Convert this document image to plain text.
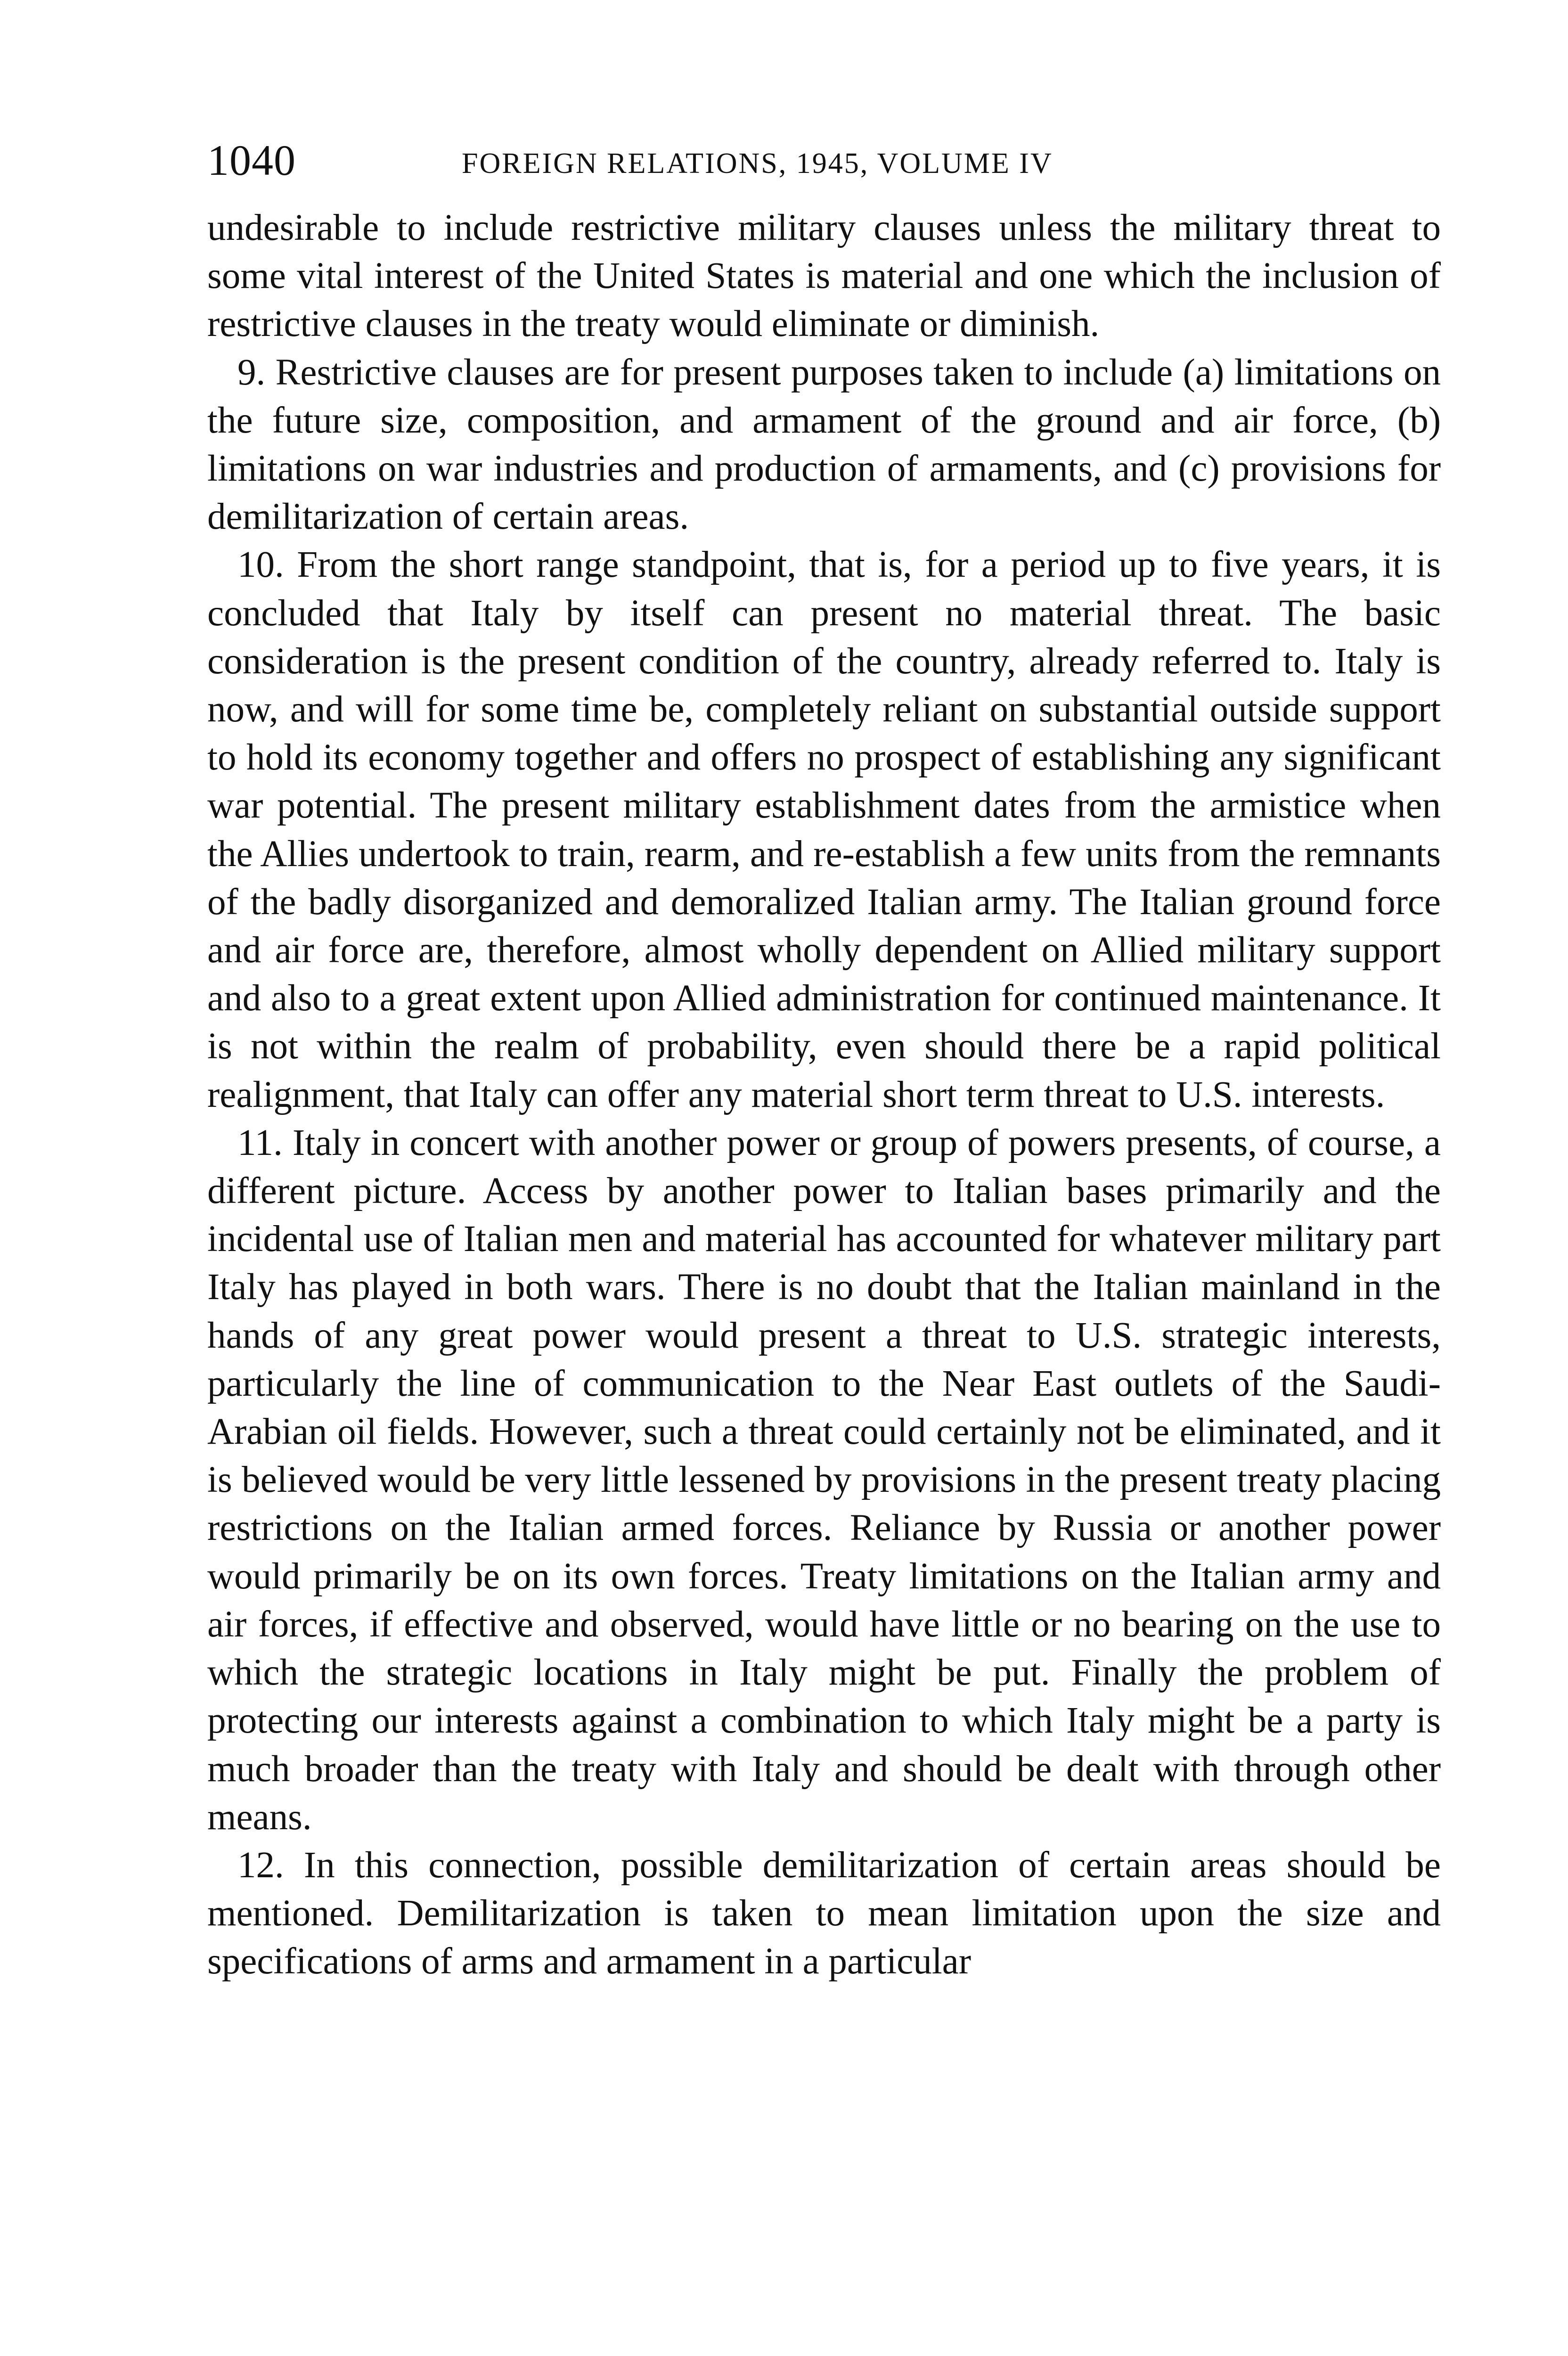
1040	FOREIGN RELATIONS, 1945, VOLUME IV

undesirable to include restrictive military clauses unless the military threat to some vital interest of the United States is material and one which the inclusion of restrictive clauses in the treaty would eliminate or diminish.

9. Restrictive clauses are for present purposes taken to include (a) limitations on the future size, composition, and armament of the ground and air force, (b) limitations on war industries and production of armaments, and (c) provisions for demilitarization of certain areas.

10. From the short range standpoint, that is, for a period up to five years, it is concluded that Italy by itself can present no material threat. The basic consideration is the present condition of the country, already referred to. Italy is now, and will for some time be, completely reliant on substantial outside support to hold its economy together and offers no prospect of establishing any significant war potential. The present military establishment dates from the armistice when the Allies undertook to train, rearm, and re-establish a few units from the remnants of the badly disorganized and demoralized Italian army. The Italian ground force and air force are, therefore, almost wholly dependent on Allied military support and also to a great extent upon Allied administration for continued maintenance. It is not within the realm of probability, even should there be a rapid political realignment, that Italy can offer any material short term threat to U.S. interests.

11. Italy in concert with another power or group of powers presents, of course, a different picture. Access by another power to Italian bases primarily and the incidental use of Italian men and material has accounted for whatever military part Italy has played in both wars. There is no doubt that the Italian mainland in the hands of any great power would present a threat to U.S. strategic interests, particularly the line of communication to the Near East outlets of the Saudi-Arabian oil fields. However, such a threat could certainly not be eliminated, and it is believed would be very little lessened by provisions in the present treaty placing restrictions on the Italian armed forces. Reliance by Russia or another power would primarily be on its own forces. Treaty limitations on the Italian army and air forces, if effective and observed, would have little or no bearing on the use to which the strategic locations in Italy might be put. Finally the problem of protecting our interests against a combination to which Italy might be a party is much broader than the treaty with Italy and should be dealt with through other means.

12. In this connection, possible demilitarization of certain areas should be mentioned. Demilitarization is taken to mean limitation upon the size and specifications of arms and armament in a particular
